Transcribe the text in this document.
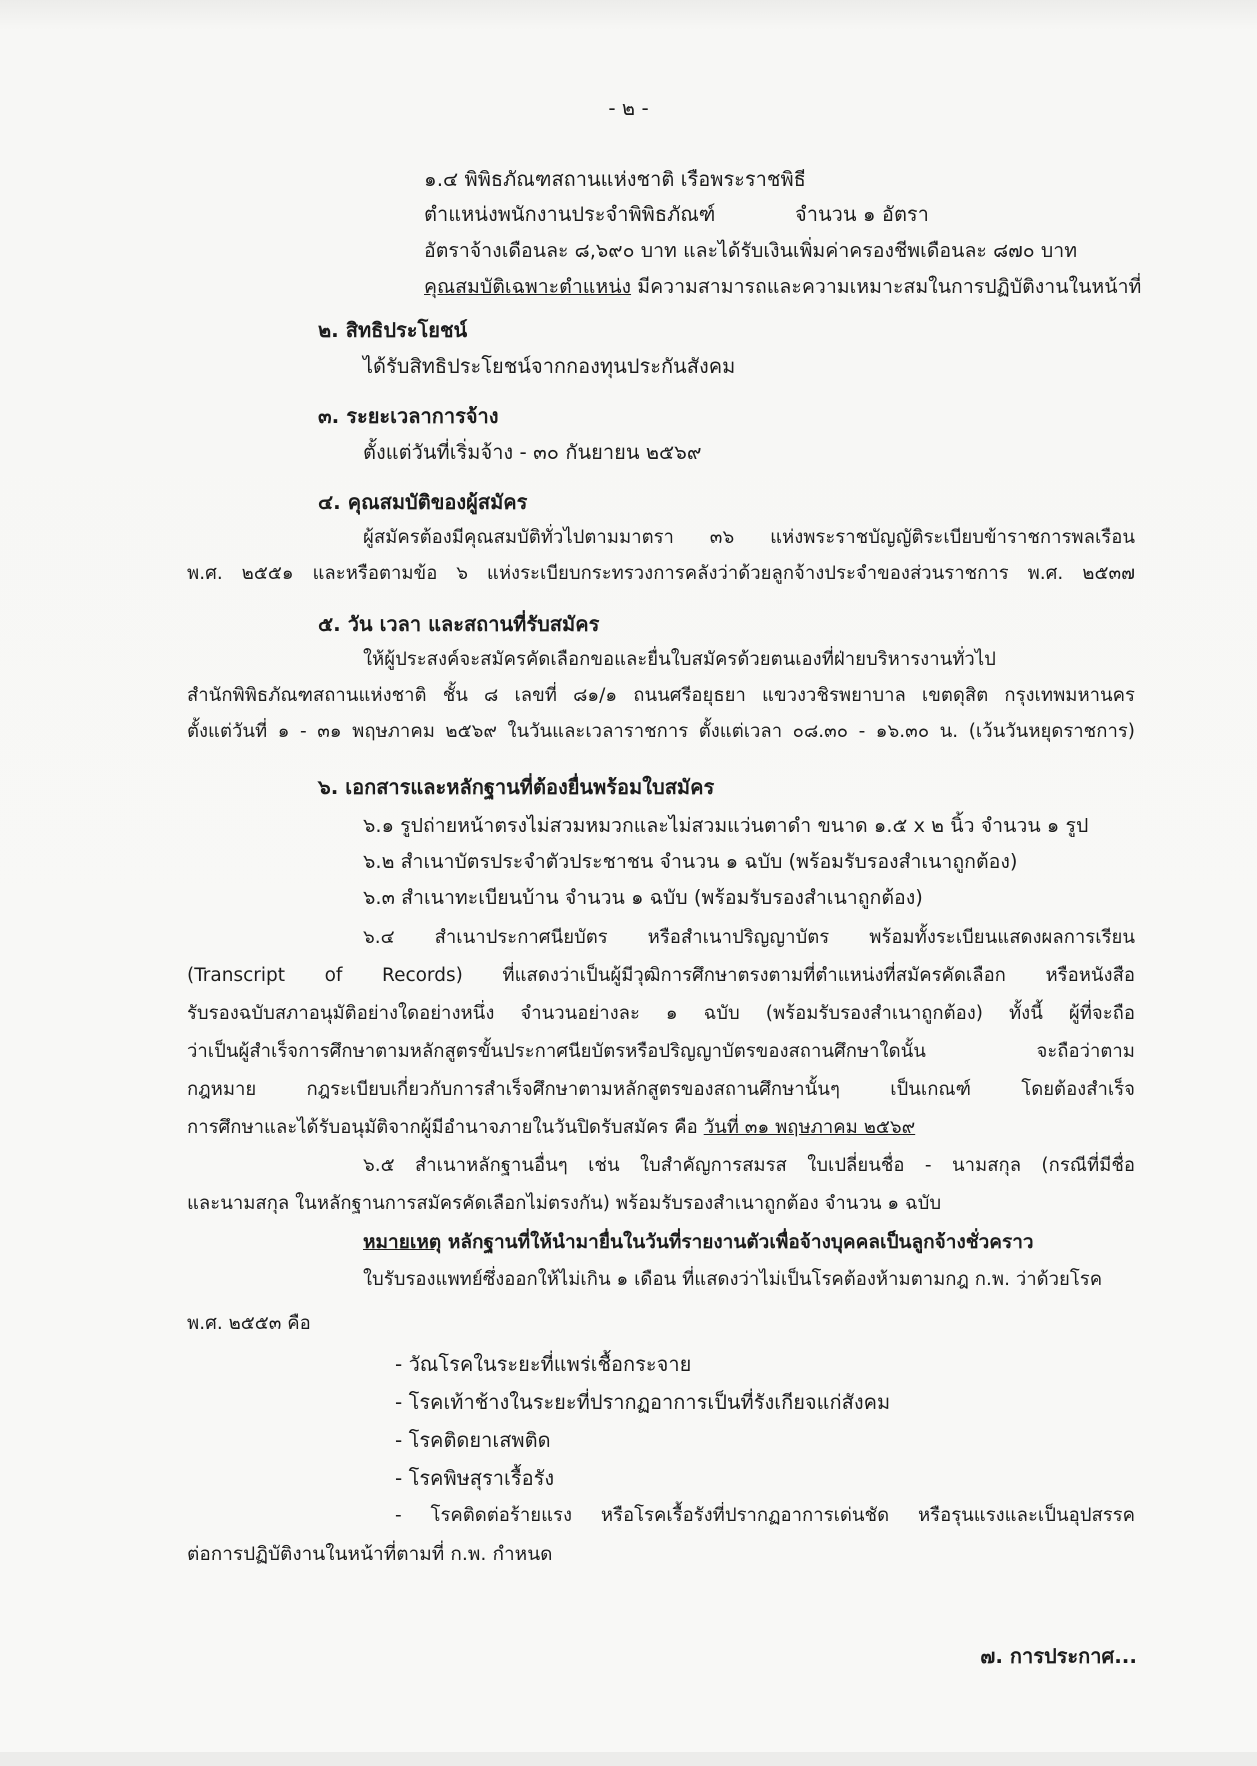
- ๒ -
๑.๔ พิพิธภัณฑสถานแห่งชาติ เรือพระราชพิธี
ตำแหน่งพนักงานประจำพิพิธภัณฑ์	จำนวน ๑ อัตรา
อัตราจ้างเดือนละ ๘,๖๙๐ บาท และได้รับเงินเพิ่มค่าครองชีพเดือนละ ๘๗๐ บาท
คุณสมบัติเฉพาะตำแหน่ง มีความสามารถและความเหมาะสมในการปฏิบัติงานในหน้าที่
๒. สิทธิประโยชน์
ได้รับสิทธิประโยชน์จากกองทุนประกันสังคม
๓. ระยะเวลาการจ้าง
ตั้งแต่วันที่เริ่มจ้าง - ๓๐ กันยายน ๒๕๖๙
๔. คุณสมบัติของผู้สมัคร
ผู้สมัครต้องมีคุณสมบัติทั่วไปตามมาตรา ๓๖ แห่งพระราชบัญญัติระเบียบข้าราชการพลเรือน
พ.ศ. ๒๕๕๑ และหรือตามข้อ ๖ แห่งระเบียบกระทรวงการคลังว่าด้วยลูกจ้างประจำของส่วนราชการ พ.ศ. ๒๕๓๗
๕. วัน เวลา และสถานที่รับสมัคร
ให้ผู้ประสงค์จะสมัครคัดเลือกขอและยื่นใบสมัครด้วยตนเองที่ฝ่ายบริหารงานทั่วไป
สำนักพิพิธภัณฑสถานแห่งชาติ ชั้น ๘ เลขที่ ๘๑/๑ ถนนศรีอยุธยา แขวงวชิรพยาบาล เขตดุสิต กรุงเทพมหานคร
ตั้งแต่วันที่ ๑ - ๓๑ พฤษภาคม ๒๕๖๙ ในวันและเวลาราชการ ตั้งแต่เวลา ๐๘.๓๐ - ๑๖.๓๐ น. (เว้นวันหยุดราชการ)
๖. เอกสารและหลักฐานที่ต้องยื่นพร้อมใบสมัคร
๖.๑ รูปถ่ายหน้าตรงไม่สวมหมวกและไม่สวมแว่นตาดำ ขนาด ๑.๕ x ๒ นิ้ว จำนวน ๑ รูป
๖.๒ สำเนาบัตรประจำตัวประชาชน จำนวน ๑ ฉบับ (พร้อมรับรองสำเนาถูกต้อง)
๖.๓ สำเนาทะเบียนบ้าน จำนวน ๑ ฉบับ (พร้อมรับรองสำเนาถูกต้อง)
๖.๔ สำเนาประกาศนียบัตร หรือสำเนาปริญญาบัตร พร้อมทั้งระเบียนแสดงผลการเรียน
(Transcript of Records) ที่แสดงว่าเป็นผู้มีวุฒิการศึกษาตรงตามที่ตำแหน่งที่สมัครคัดเลือก หรือหนังสือ
รับรองฉบับสภาอนุมัติอย่างใดอย่างหนึ่ง จำนวนอย่างละ ๑ ฉบับ (พร้อมรับรองสำเนาถูกต้อง) ทั้งนี้ ผู้ที่จะถือ
ว่าเป็นผู้สำเร็จการศึกษาตามหลักสูตรขั้นประกาศนียบัตรหรือปริญญาบัตรของสถานศึกษาใดนั้น จะถือว่าตาม
กฎหมาย กฎระเบียบเกี่ยวกับการสำเร็จศึกษาตามหลักสูตรของสถานศึกษานั้นๆ เป็นเกณฑ์ โดยต้องสำเร็จ
การศึกษาและได้รับอนุมัติจากผู้มีอำนาจภายในวันปิดรับสมัคร คือ วันที่ ๓๑ พฤษภาคม ๒๕๖๙
๖.๕ สำเนาหลักฐานอื่นๆ เช่น ใบสำคัญการสมรส ใบเปลี่ยนชื่อ - นามสกุล (กรณีที่มีชื่อ
และนามสกุล ในหลักฐานการสมัครคัดเลือกไม่ตรงกัน) พร้อมรับรองสำเนาถูกต้อง จำนวน ๑ ฉบับ
หมายเหตุ หลักฐานที่ให้นำมายื่นในวันที่รายงานตัวเพื่อจ้างบุคคลเป็นลูกจ้างชั่วคราว
ใบรับรองแพทย์ซึ่งออกให้ไม่เกิน ๑ เดือน ที่แสดงว่าไม่เป็นโรคต้องห้ามตามกฎ ก.พ. ว่าด้วยโรค
พ.ศ. ๒๕๕๓ คือ
- วัณโรคในระยะที่แพร่เชื้อกระจาย
- โรคเท้าช้างในระยะที่ปรากฏอาการเป็นที่รังเกียจแก่สังคม
- โรคติดยาเสพติด
- โรคพิษสุราเรื้อรัง
- โรคติดต่อร้ายแรง หรือโรคเรื้อรังที่ปรากฏอาการเด่นชัด หรือรุนแรงและเป็นอุปสรรค
ต่อการปฏิบัติงานในหน้าที่ตามที่ ก.พ. กำหนด
๗. การประกาศ...
